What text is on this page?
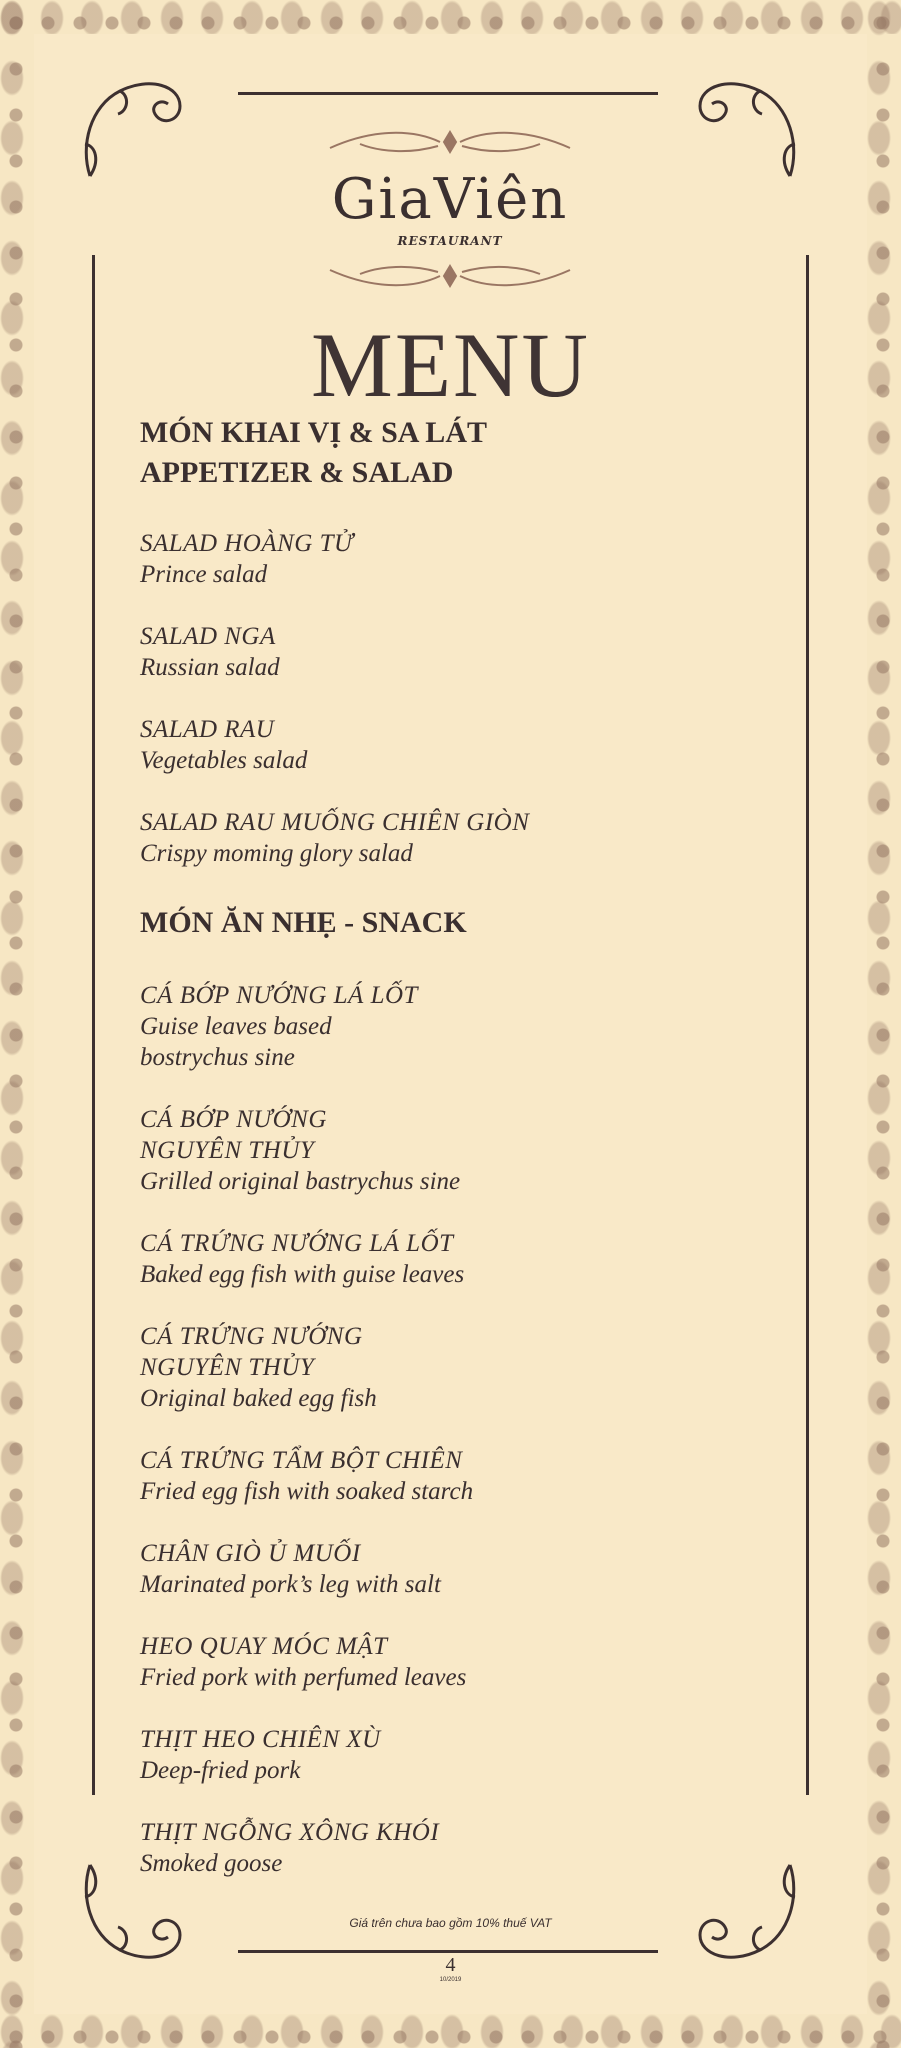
GiaViên
RESTAURANT
MENU
MÓN KHAI VỊ & SA LÁT
APPETIZER & SALAD
SALAD HOÀNG TỬ
Prince salad
SALAD NGA
Russian salad
SALAD RAU
Vegetables salad
SALAD RAU MUỐNG CHIÊN GIÒN
Crispy moming glory salad
MÓN ĂN NHẸ - SNACK
CÁ BỚP NƯỚNG LÁ LỐT
Guise leaves based
bostrychus sine
CÁ BỚP NƯỚNG
NGUYÊN THỦY
Grilled original bastrychus sine
CÁ TRỨNG NƯỚNG LÁ LỐT
Baked egg fish with guise leaves
CÁ TRỨNG NƯỚNG
NGUYÊN THỦY
Original baked egg fish
CÁ TRỨNG TẨM BỘT CHIÊN
Fried egg fish with soaked starch
CHÂN GIÒ Ủ MUỐI
Marinated pork’s leg with salt
HEO QUAY MÓC MẬT
Fried pork with perfumed leaves
THỊT HEO CHIÊN XÙ
Deep-fried pork
THỊT NGỖNG XÔNG KHÓI
Smoked goose
Giá trên chưa bao gồm 10% thuế VAT
4
10/2019
